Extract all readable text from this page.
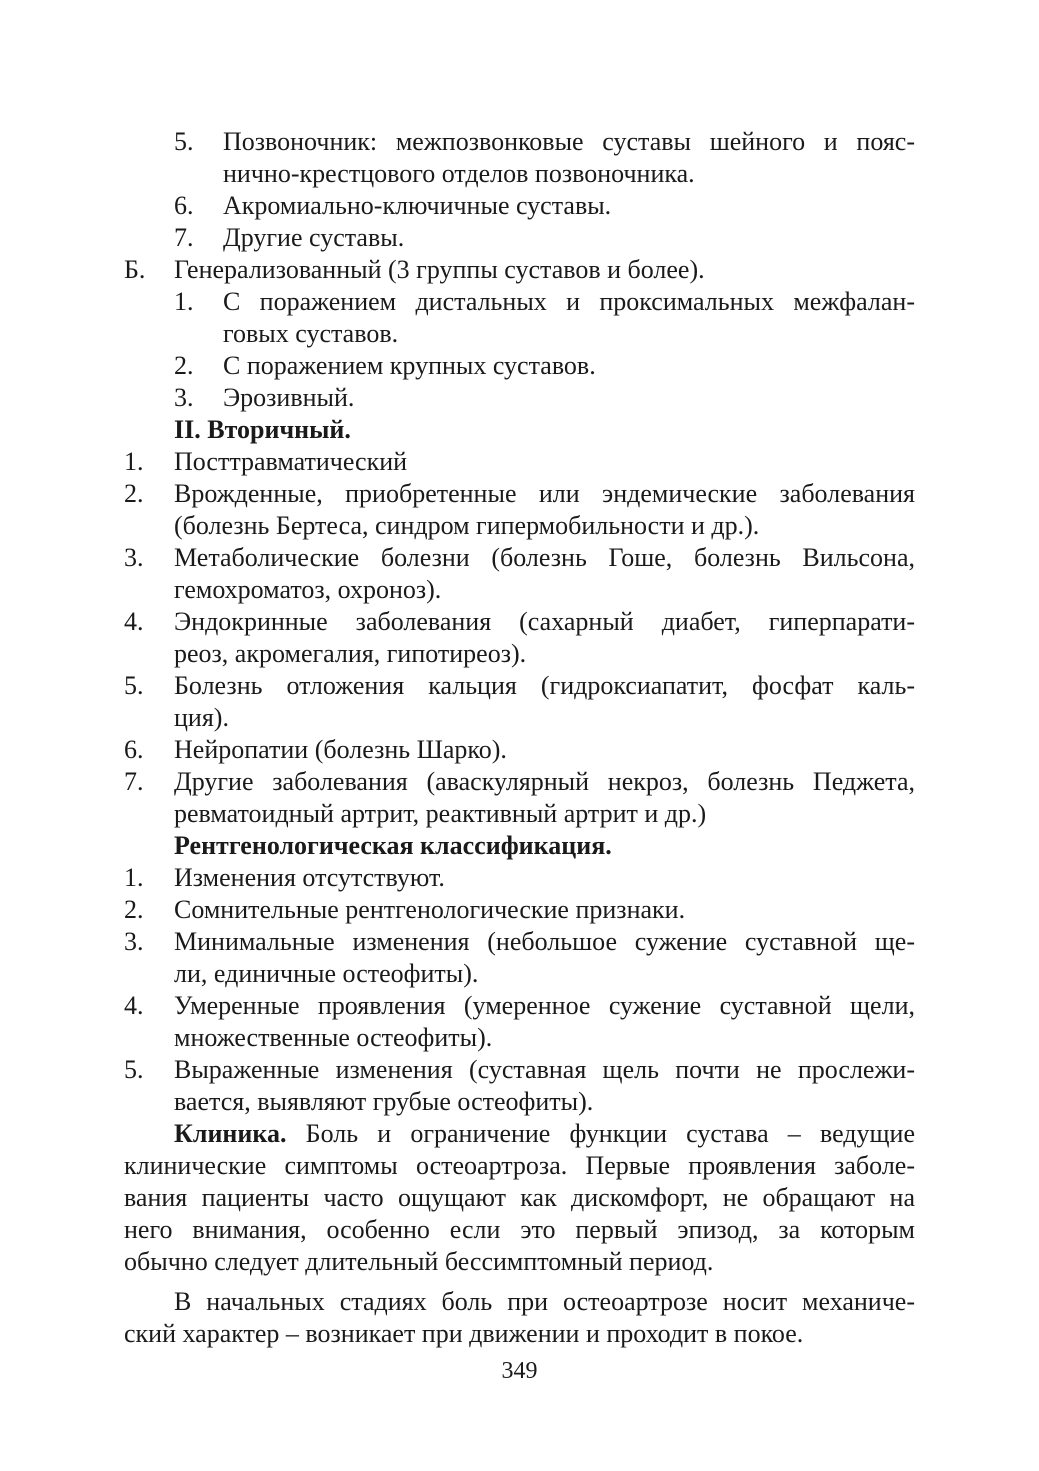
5. Позвоночник: межпозвонковые суставы шейного и пояс-
нично-крестцового отделов позвоночника.
6. Акромиально-ключичные суставы.
7. Другие суставы.
Б. Генерализованный (3 группы суставов и более).
1. С поражением дистальных и проксимальных межфалан-
говых суставов.
2. С поражением крупных суставов.
3. Эрозивный.
II. Вторичный.
1. Посттравматический
2. Врожденные, приобретенные или эндемические заболевания
(болезнь Бертеса, синдром гипермобильности и др.).
3. Метаболические болезни (болезнь Гоше, болезнь Вильсона,
гемохроматоз, охроноз).
4. Эндокринные заболевания (сахарный диабет, гиперпарати-
реоз, акромегалия, гипотиреоз).
5. Болезнь отложения кальция (гидроксиапатит, фосфат каль-
ция).
6. Нейропатии (болезнь Шарко).
7. Другие заболевания (аваскулярный некроз, болезнь Педжета,
ревматоидный артрит, реактивный артрит и др.)
Рентгенологическая классификация.
1. Изменения отсутствуют.
2. Сомнительные рентгенологические признаки.
3. Минимальные изменения (небольшое сужение суставной ще-
ли, единичные остеофиты).
4. Умеренные проявления (умеренное сужение суставной щели,
множественные остеофиты).
5. Выраженные изменения (суставная щель почти не прослежи-
вается, выявляют грубые остеофиты).
Клиника. Боль и ограничение функции сустава – ведущие
клинические симптомы остеоартроза. Первые проявления заболе-
вания пациенты часто ощущают как дискомфорт, не обращают на
него внимания, особенно если это первый эпизод, за которым
обычно следует длительный бессимптомный период.
В начальных стадиях боль при остеоартрозе носит механиче-
ский характер – возникает при движении и проходит в покое.
349
